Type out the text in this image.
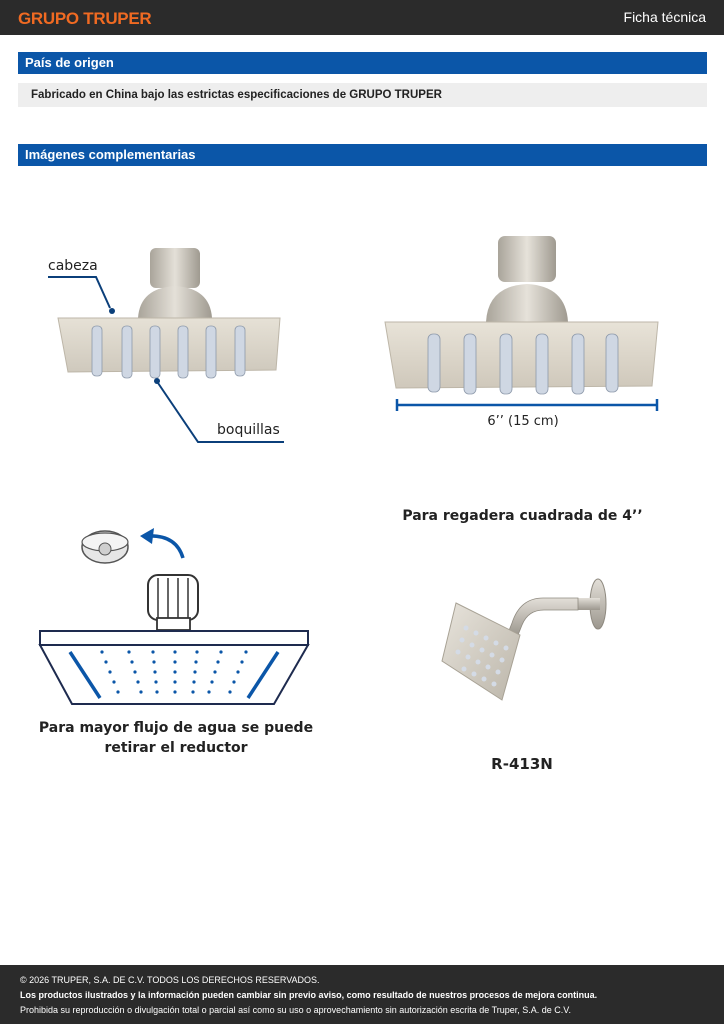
GRUPO TRUPER	Ficha técnica
País de origen
Fabricado en China bajo las estrictas especificaciones de GRUPO TRUPER
Imágenes complementarias
cabeza
boquillas
6’’ (15 cm)
Para mayor flujo de agua se puede
retirar el reductor
Para regadera cuadrada de 4’’
R-413N
© 2026 TRUPER, S.A. DE C.V. TODOS LOS DERECHOS RESERVADOS.
Los productos ilustrados y la información pueden cambiar sin previo aviso, como resultado de nuestros procesos de mejora continua.
Prohibida su reproducción o divulgación total o parcial así como su uso o aprovechamiento sin autorización escrita de Truper, S.A. de C.V.
